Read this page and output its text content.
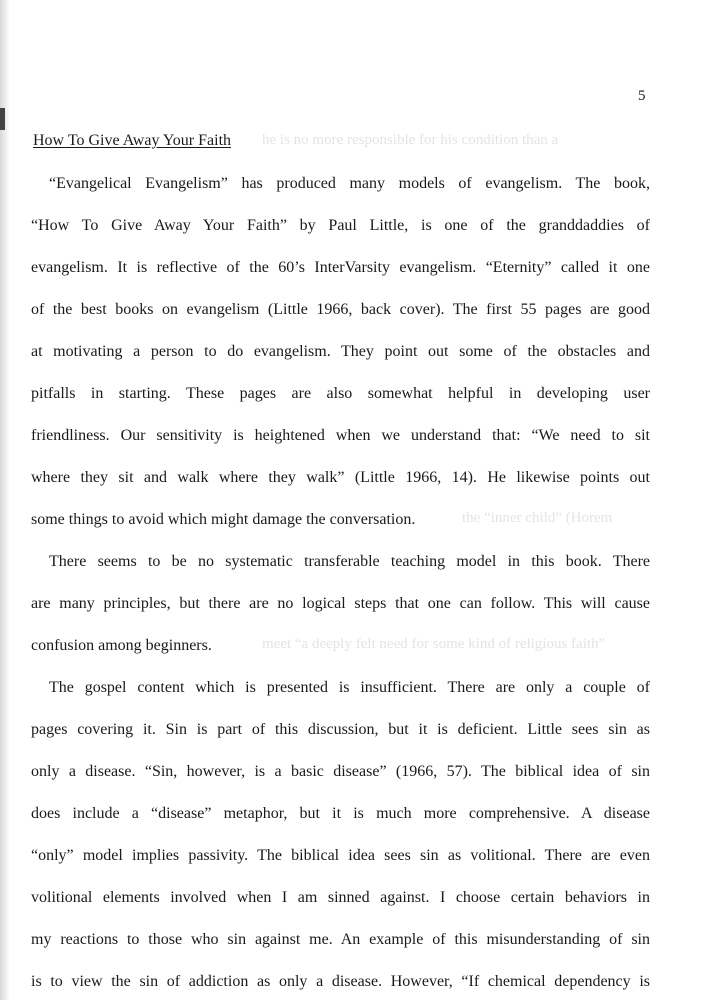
5
How To Give Away Your Faith he is no more responsible for his condition than a
the “inner child” (Horem
meet “a deeply felt need for some kind of religious faith”
“Evangelical Evangelism” has produced many models of evangelism. The book,
“How To Give Away Your Faith” by Paul Little, is one of the granddaddies of
evangelism. It is reflective of the 60’s InterVarsity evangelism. “Eternity” called it one
of the best books on evangelism (Little 1966, back cover). The first 55 pages are good
at motivating a person to do evangelism. They point out some of the obstacles and
pitfalls in starting. These pages are also somewhat helpful in developing user
friendliness. Our sensitivity is heightened when we understand that: “We need to sit
where they sit and walk where they walk” (Little 1966, 14). He likewise points out
some things to avoid which might damage the conversation.
There seems to be no systematic transferable teaching model in this book. There
are many principles, but there are no logical steps that one can follow. This will cause
confusion among beginners.
The gospel content which is presented is insufficient. There are only a couple of
pages covering it. Sin is part of this discussion, but it is deficient. Little sees sin as
only a disease. “Sin, however, is a basic disease” (1966, 57). The biblical idea of sin
does include a “disease” metaphor, but it is much more comprehensive. A disease
“only” model implies passivity. The biblical idea sees sin as volitional. There are even
volitional elements involved when I am sinned against. I choose certain behaviors in
my reactions to those who sin against me. An example of this misunderstanding of sin
is to view the sin of addiction as only a disease. However, “If chemical dependency is
